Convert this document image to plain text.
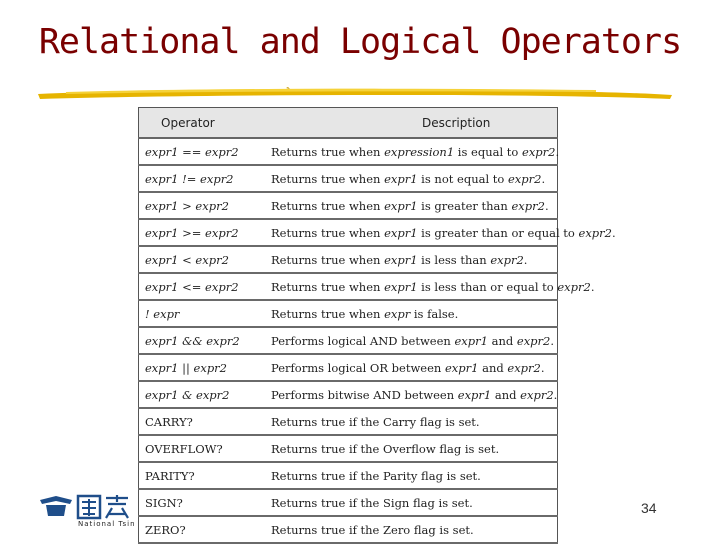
Relational and Logical Operators
Operator	Description
expr1 == expr2	Returns true when expression1 is equal to expr2.
expr1 != expr2	Returns true when expr1 is not equal to expr2.
expr1 > expr2	Returns true when expr1 is greater than expr2.
expr1 >= expr2	Returns true when expr1 is greater than or equal to expr2.
expr1 < expr2	Returns true when expr1 is less than expr2.
expr1 <= expr2	Returns true when expr1 is less than or equal to expr2.
! expr	Returns true when expr is false.
expr1 && expr2	Performs logical AND between expr1 and expr2.
expr1 || expr2	Performs logical OR between expr1 and expr2.
expr1 & expr2	Performs bitwise AND between expr1 and expr2.
CARRY?	Returns true if the Carry flag is set.
OVERFLOW?	Returns true if the Overflow flag is set.
PARITY?	Returns true if the Parity flag is set.
SIGN?	Returns true if the Sign flag is set.
ZERO?	Returns true if the Zero flag is set.
National Tsin
34
